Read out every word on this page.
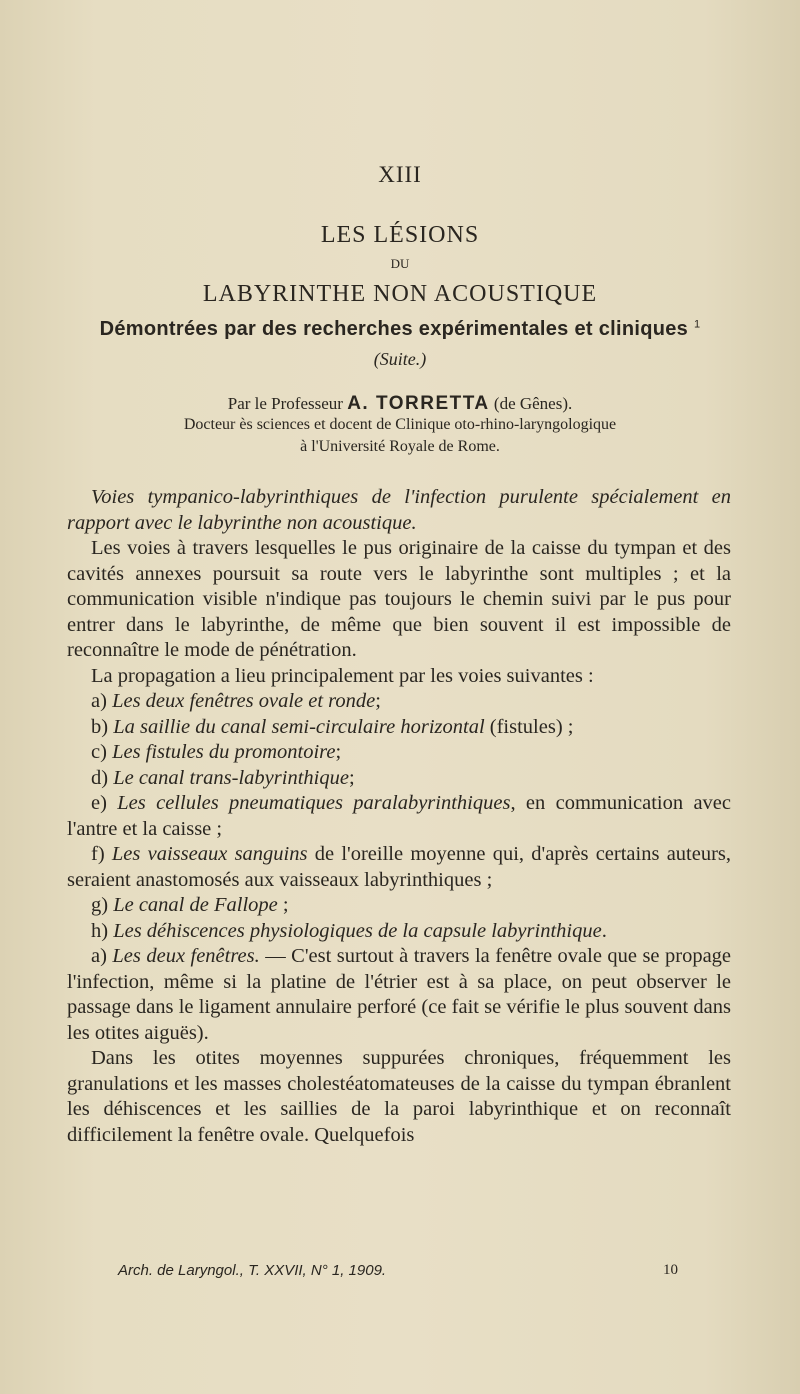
XIII
LES LÉSIONS
DU
LABYRINTHE NON ACOUSTIQUE
Démontrées par des recherches expérimentales et cliniques $^1$
(Suite.)
Par le Professeur A. TORRETTA (de Gênes).
Docteur ès sciences et docent de Clinique oto-rhino-laryngologique
à l'Université Royale de Rome.

Voies tympanico-labyrinthiques de l'infection purulente spécialement en rapport avec le labyrinthe non acoustique.

Les voies à travers lesquelles le pus originaire de la caisse du tympan et des cavités annexes poursuit sa route vers le labyrinthe sont multiples ; et la communication visible n'indique pas toujours le chemin suivi par le pus pour entrer dans le labyrinthe, de même que bien souvent il est impossible de reconnaître le mode de pénétration.

La propagation a lieu principalement par les voies suivantes :

a) Les deux fenêtres ovale et ronde;

b) La saillie du canal semi-circulaire horizontal (fistules) ;

c) Les fistules du promontoire;

d) Le canal trans-labyrinthique;

e) Les cellules pneumatiques paralabyrinthiques, en communication avec l'antre et la caisse ;

f) Les vaisseaux sanguins de l'oreille moyenne qui, d'après certains auteurs, seraient anastomosés aux vaisseaux labyrinthiques ;

g) Le canal de Fallope ;

h) Les déhiscences physiologiques de la capsule labyrinthique.

a) Les deux fenêtres. — C'est surtout à travers la fenêtre ovale que se propage l'infection, même si la platine de l'étrier est à sa place, on peut observer le passage dans le ligament annulaire perforé (ce fait se vérifie le plus souvent dans les otites aiguës).

Dans les otites moyennes suppurées chroniques, fréquemment les granulations et les masses cholestéatomateuses de la caisse du tympan ébranlent les déhiscences et les saillies de la paroi labyrinthique et on reconnaît difficilement la fenêtre ovale. Quelquefois

Arch. de Laryngol., T. XXVII, N° 1, 1909.	10
